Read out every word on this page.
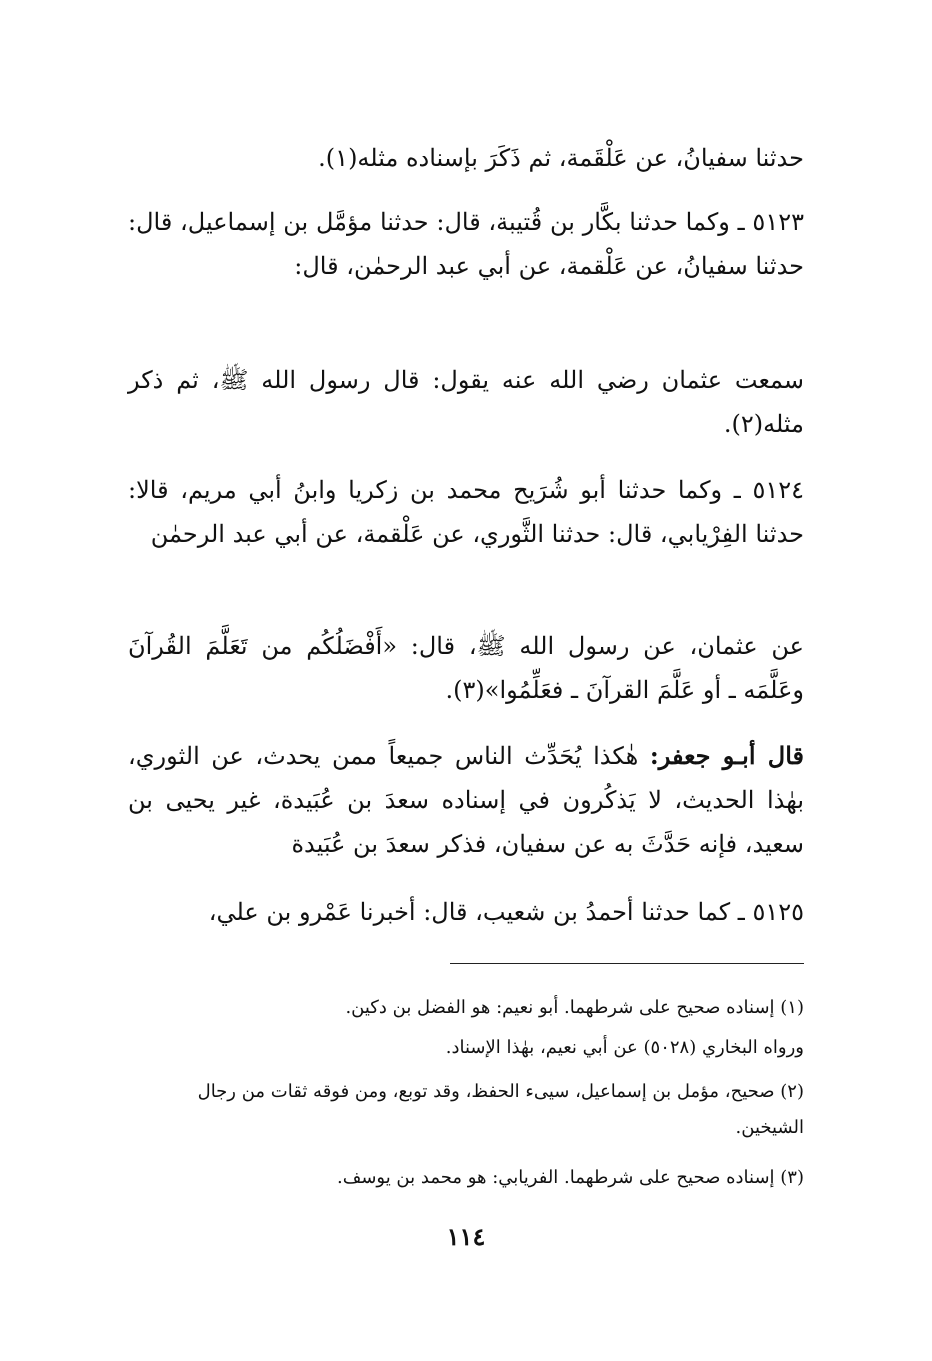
حدثنا سفيانُ، عن عَلْقَمة، ثم ذَكَرَ بإسناده مثله(١).

٥١٢٣ ـ وكما حدثنا بكَّار بن قُتيبة، قال: حدثنا مؤمَّل بن إسماعيل، قال: حدثنا سفيانُ، عن عَلْقمة، عن أبي عبد الرحمٰن، قال:

سمعت عثمان رضي الله عنه يقول: قال رسول الله ﷺ، ثم ذكر مثله(٢).

٥١٢٤ ـ وكما حدثنا أبو شُرَيح محمد بن زكريا وابنُ أبي مريم، قالا: حدثنا الفِرْيابي، قال: حدثنا الثَّوري، عن عَلْقمة، عن أبي عبد الرحمٰن

عن عثمان، عن رسول الله ﷺ، قال: «أَفْضَلُكُم من تَعَلَّمَ القُرآنَ وعَلَّمَه ـ أو عَلَّمَ القرآنَ ـ فعَلِّمُوا»(٣).

قال أبـو جعفر: هٰكذا يُحَدِّث الناس جميعاً ممن يحدث، عن الثوري، بهٰذا الحديث، لا يَذكُرون في إسناده سعدَ بن عُبَيدة، غير يحيى بن سعيد، فإنه حَدَّثَ به عن سفيان، فذكر سعدَ بن عُبَيدة

٥١٢٥ ـ كما حدثنا أحمدُ بن شعيب، قال: أخبرنا عَمْرو بن علي،

(١) إسناده صحيح على شرطهما. أبو نعيم: هو الفضل بن دكين.

ورواه البخاري (٥٠٢٨) عن أبي نعيم، بهٰذا الإسناد.

(٢) صحيح، مؤمل بن إسماعيل، سيىء الحفظ، وقد توبع، ومن فوقه ثقات من رجال الشيخين.

(٣) إسناده صحيح على شرطهما. الفريابي: هو محمد بن يوسف.

١١٤
